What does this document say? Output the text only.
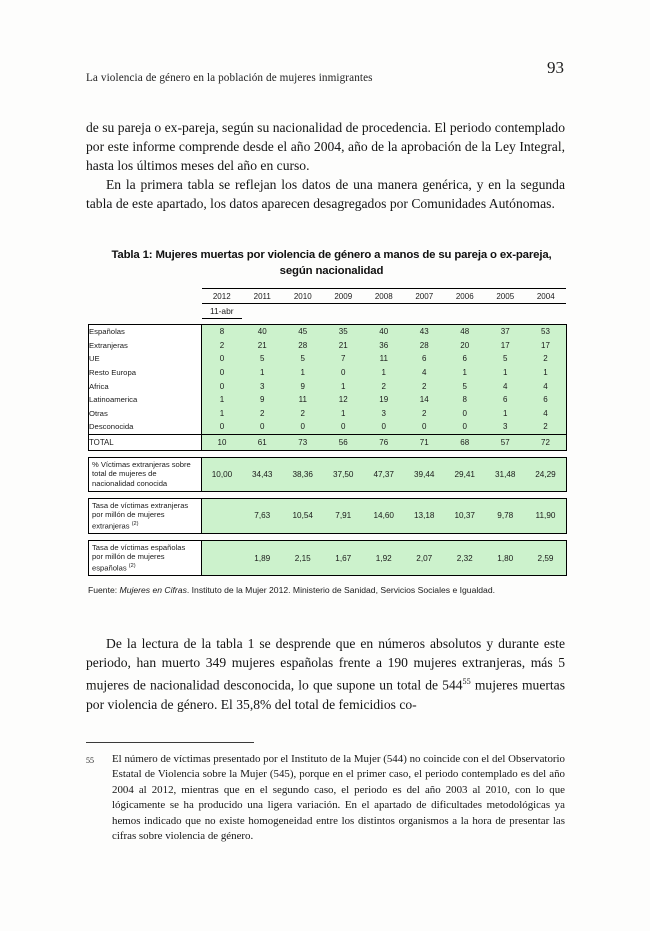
La violencia de género en la población de mujeres inmigrantes
93
de su pareja o ex-pareja, según su nacionalidad de procedencia. El periodo contemplado por este informe comprende desde el año 2004, año de la aprobación de la Ley Integral, hasta los últimos meses del año en curso.
En la primera tabla se reflejan los datos de una manera genérica, y en la segunda tabla de este apartado, los datos aparecen desagregados por Comunidades Autónomas.
Tabla 1: Mujeres muertas por violencia de género a manos de su pareja o ex-pareja, según nacionalidad
	2012	2011	2010	2009	2008	2007	2006	2005	2004
	11-abr								

Españolas	8	40	45	35	40	43	48	37	53
Extranjeras	2	21	28	21	36	28	20	17	17
UE	0	5	5	7	11	6	6	5	2
Resto Europa	0	1	1	0	1	4	1	1	1
Africa	0	3	9	1	2	2	5	4	4
Latinoamerica	1	9	11	12	19	14	8	6	6
Otras	1	2	2	1	3	2	0	1	4
Desconocida	0	0	0	0	0	0	0	3	2
TOTAL	10	61	73	56	76	71	68	57	72

% Víctimas extranjeras sobre total de mujeres de nacionalidad conocida	10,00	34,43	38,36	37,50	47,37	39,44	29,41	31,48	24,29

Tasa de víctimas extranjeras por millón de mujeres extranjeras $^{(2)}$		7,63	10,54	7,91	14,60	13,18	10,37	9,78	11,90

Tasa de víctimas españolas por millón de mujeres españolas $^{(2)}$		1,89	2,15	1,67	1,92	2,07	2,32	1,80	2,59
Fuente: Mujeres en Cifras. Instituto de la Mujer 2012. Ministerio de Sanidad, Servicios Sociales e Igualdad.
De la lectura de la tabla 1 se desprende que en números absolutos y durante este periodo, han muerto 349 mujeres españolas frente a 190 mujeres extranjeras, más 5 mujeres de nacionalidad desconocida, lo que supone un total de 544$^{55}$ mujeres muertas por violencia de género. El 35,8% del total de femicidios co-
55	El número de víctimas presentado por el Instituto de la Mujer (544) no coincide con el del Observatorio Estatal de Violencia sobre la Mujer (545), porque en el primer caso, el periodo contemplado es del año 2004 al 2012, mientras que en el segundo caso, el periodo es del año 2003 al 2010, con lo que lógicamente se ha producido una ligera variación. En el apartado de dificultades metodológicas ya hemos indicado que no existe homogeneidad entre los distintos organismos a la hora de presentar las cifras sobre violencia de género.
